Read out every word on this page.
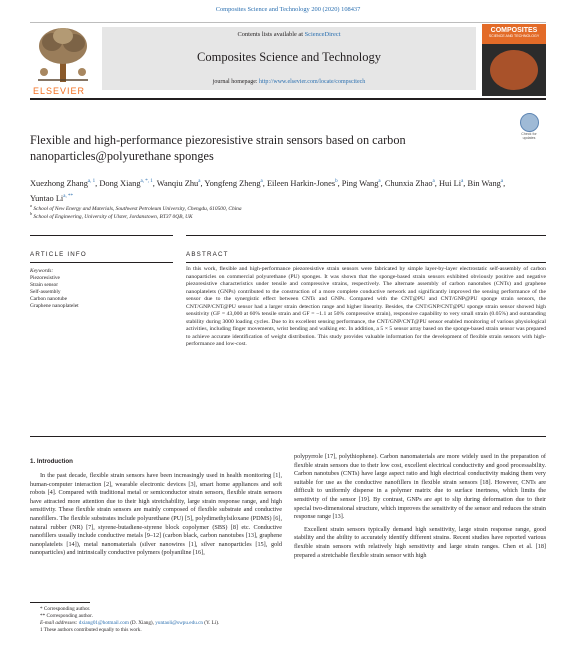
Composites Science and Technology 200 (2020) 108437
ELSEVIER
Contents lists available at ScienceDirect
Composites Science and Technology
journal homepage: http://www.elsevier.com/locate/compscitech
COMPOSITES
SCIENCE AND TECHNOLOGY
Flexible and high-performance piezoresistive strain sensors based on carbon nanoparticles@polyurethane sponges
Check for
updates
Xuezhong Zhang$^{a, 1}$, Dong Xiang$^{a, *, 1}$, Wanqiu Zhu$^a$, Yongfeng Zheng$^a$, Eileen Harkin-Jones$^b$, Ping Wang$^a$, Chunxia Zhao$^a$, Hui Li$^a$, Bin Wang$^a$, Yuntao $Li^{a, **}$
$^a$ School of New Energy and Materials, Southwest Petroleum University, Chengdu, 610500, China
$^b$ School of Engineering, University of Ulster, Jordanstown, BT37 0QB, UK
ARTICLE INFO
Keywords:
Piezoresistive
Strain sensor
Self-assembly
Carbon nanotube
Graphene nanoplatelet
ABSTRACT
In this work, flexible and high-performance piezoresistive strain sensors were fabricated by simple layer-by-layer electrostatic self-assembly of carbon nanoparticles on commercial polyurethane (PU) sponges. It was shown that the sponge-based strain sensors exhibited obviously positive and negative piezoresistive characteristics under tensile and compressive strains, respectively. The alternate assembly of carbon nanotubes (CNTs) and graphene nanoplatelets (GNPs) contributed to the construction of a more complete conductive network and significantly improved the sensing performance of the sensor due to the synergistic effect between CNTs and GNPs. Compared with the CNT@PU and CNT/GNP@PU sponge strain sensors, the CNT/GNP/CNT@PU sensor had a larger strain detection range and higher linearity. Besides, the CNT/GNP/CNT@PU sponge strain sensor showed high sensitivity (GF = 43,000 at 60% tensile strain and GF = −1.1 at 50% compressive strain), responsive capability to very small strain (0.05%) and outstanding stability during 3000 loading cycles. Due to its excellent sensing performance, the CNT/GNP/CNT@PU sensor enabled monitoring of various physiological activities, including finger movements, wrist bending and walking etc. In addition, a 5 × 5 sensor array based on the sponge-based strain sensor was prepared to achieve accurate identification of weight distribution. This study provides valuable information for the development of flexible strain sensors with high-performance and low-cost.
1. Introduction
In the past decade, flexible strain sensors have been increasingly used in health monitoring [1], human-computer interaction [2], wearable electronic devices [3], smart home appliances and soft robots [4]. Compared with traditional metal or semiconductor strain sensors, flexible strain sensors have attracted more attention due to their high stretchability, large strain response range, and high sensitivity. These flexible strain sensors are mainly composed of flexible substrate and conductive nanofillers. The flexible substrates include polyurethane (PU) [5], polydimethylsiloxane (PDMS) [6], natural rubber (NR) [7], styrene-butadiene-styrene block copolymer (SBS) [8] etc. Conductive nanofillers usually include conductive metals [9–12] (carbon black, carbon nanotubes [13], graphene nanoplatelets [14]), metal nanomaterials (silver nanowires [1], silver nanoparticles [15], gold nanoparticles) and intrinsically conductive polymers (polyaniline [16],
polypyrrole [17], polythiophene). Carbon nanomaterials are more widely used in the preparation of flexible strain sensors due to their low cost, excellent electrical conductivity and good processability. Carbon nanotubes (CNTs) have large aspect ratio and high electrical conductivity making them very suitable for use as the conductive nanofillers in flexible strain sensors [18]. However, CNTs are difficult to uniformly disperse in a polymer matrix due to surface inertness, which limits the sensitivity of the sensor [19]. By contrast, GNPs are apt to slip during deformation due to their special two-dimensional structure, which improves the sensitivity of the sensor and reduces the strain response range [13].
Excellent strain sensors typically demand high sensitivity, large strain response range, good stability and the ability to accurately identify different strains. Recent studies have reported various flexible strain sensors with relatively high sensitivity and large strain ranges. Chen et al. [18] prepared a stretchable flexible strain sensor with high
* Corresponding author.
** Corresponding author.
E-mail addresses: dxiang01@hotmail.com (D. Xiang), yuntaoli@swpu.edu.cn (Y. Li).
1 These authors contributed equally to this work.
